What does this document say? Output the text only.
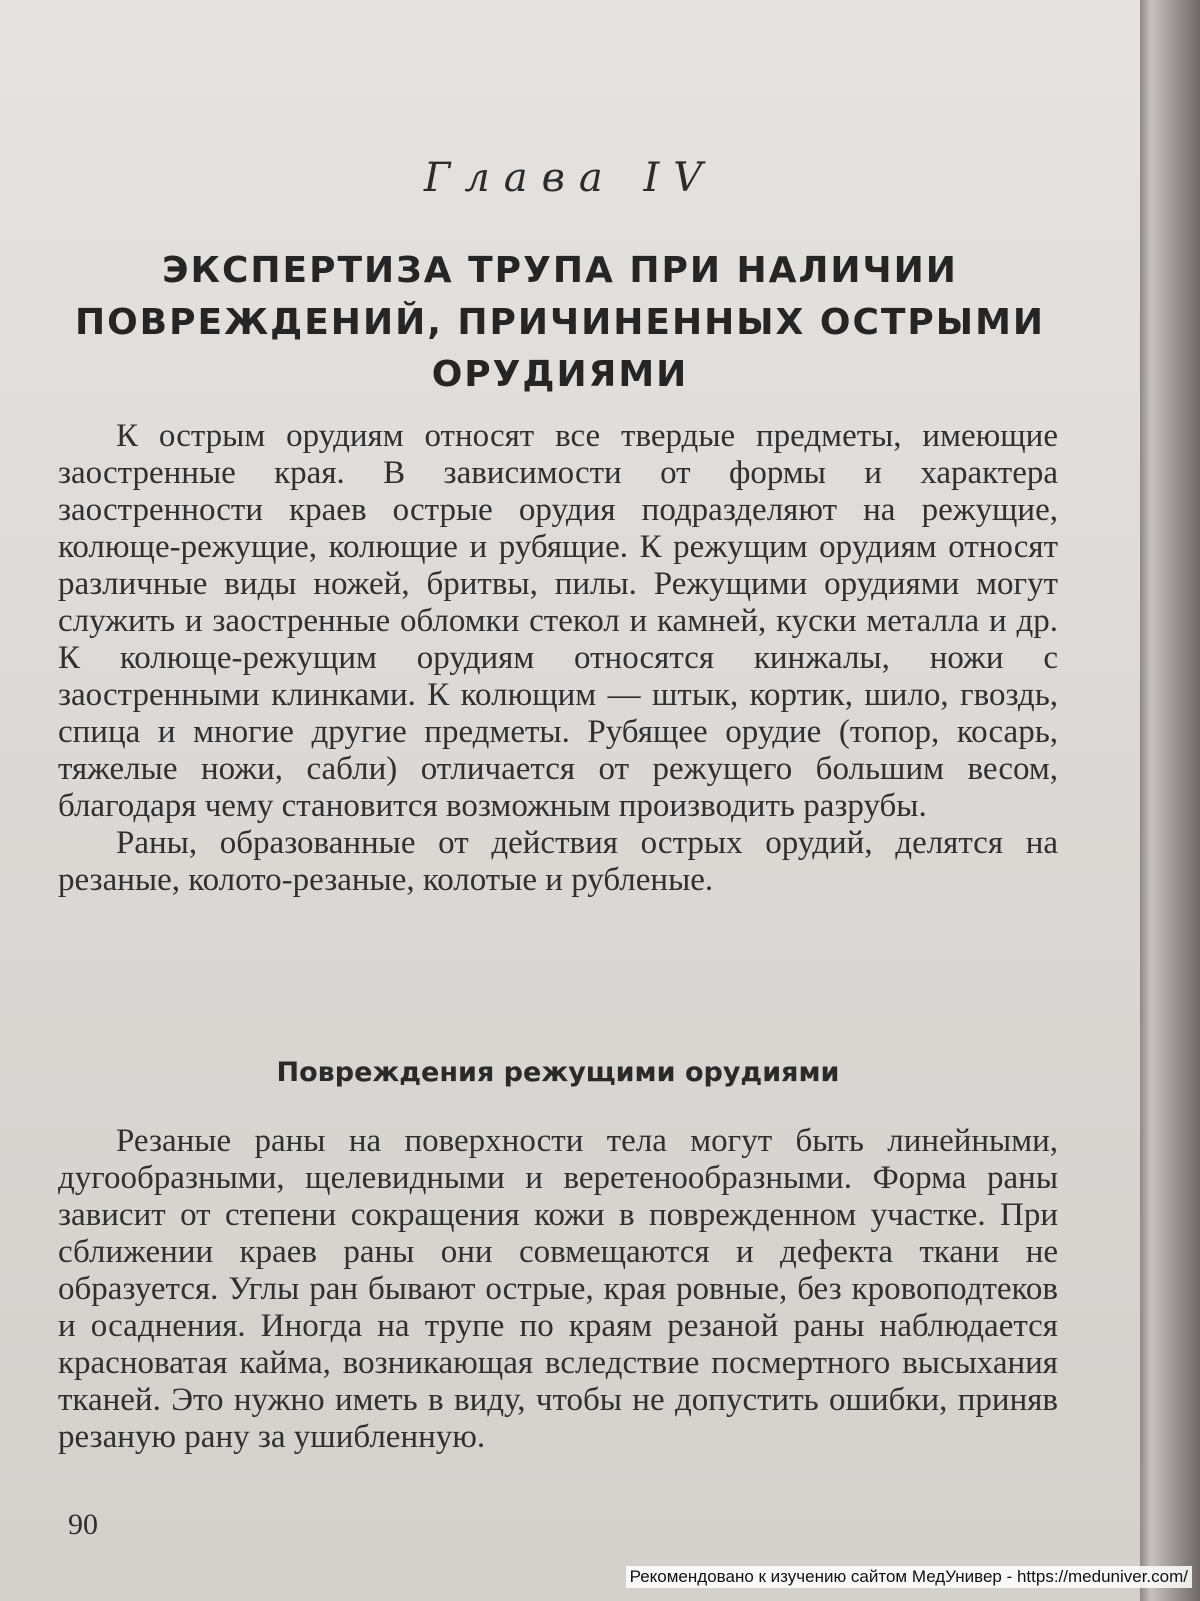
Глава IV
ЭКСПЕРТИЗА ТРУПА ПРИ НАЛИЧИИ ПОВРЕЖДЕНИЙ, ПРИЧИНЕННЫХ ОСТРЫМИ ОРУДИЯМИ

К острым орудиям относят все твердые предметы, имеющие заостренные края. В зависимости от формы и характера заостренности краев острые орудия подразделяют на режущие, колюще-режущие, колющие и рубящие. К режущим орудиям относят различные виды ножей, бритвы, пилы. Режущими орудиями могут служить и заостренные обломки стекол и камней, куски металла и др. К колюще-режущим орудиям относятся кинжалы, ножи с заостренными клинками. К колющим — штык, кортик, шило, гвоздь, спица и многие другие предметы. Рубящее орудие (топор, косарь, тяжелые ножи, сабли) отличается от режущего большим весом, благодаря чему становится возможным производить разрубы.

Раны, образованные от действия острых орудий, делятся на резаные, колото-резаные, колотые и рубленые.

Повреждения режущими орудиями

Резаные раны на поверхности тела могут быть линейными, дугообразными, щелевидными и веретенообразными. Форма раны зависит от степени сокращения кожи в поврежденном участке. При сближении краев раны они совмещаются и дефекта ткани не образуется. Углы ран бывают острые, края ровные, без кровоподтеков и осаднения. Иногда на трупе по краям резаной раны наблюдается красноватая кайма, возникающая вследствие посмертного высыхания тканей. Это нужно иметь в виду, чтобы не допустить ошибки, приняв резаную рану за ушибленную.

90
Рекомендовано к изучению сайтом МедУнивер - https://meduniver.com/
